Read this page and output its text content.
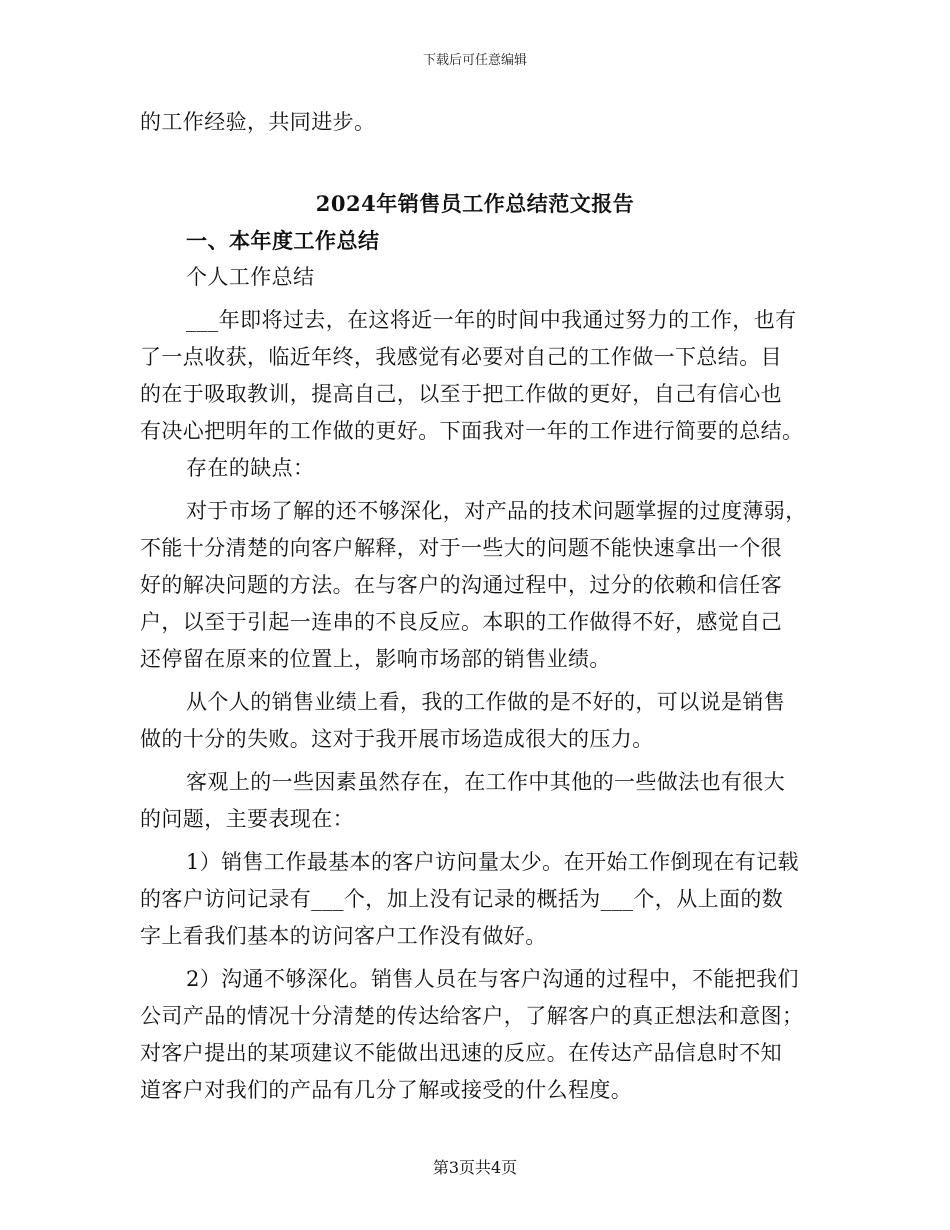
下载后可任意编辑
的工作经验，共同进步。
2024年销售员工作总结范文报告
一、本年度工作总结
个人工作总结
___年即将过去，在这将近一年的时间中我通过努力的工作，也有
了一点收获，临近年终，我感觉有必要对自己的工作做一下总结。目
的在于吸取教训，提高自己，以至于把工作做的更好，自己有信心也
有决心把明年的工作做的更好。下面我对一年的工作进行简要的总结。
存在的缺点：
对于市场了解的还不够深化，对产品的技术问题掌握的过度薄弱，
不能十分清楚的向客户解释，对于一些大的问题不能快速拿出一个很
好的解决问题的方法。在与客户的沟通过程中，过分的依赖和信任客
户，以至于引起一连串的不良反应。本职的工作做得不好，感觉自己
还停留在原来的位置上，影响市场部的销售业绩。
从个人的销售业绩上看，我的工作做的是不好的，可以说是销售
做的十分的失败。这对于我开展市场造成很大的压力。
客观上的一些因素虽然存在，在工作中其他的一些做法也有很大
的问题，主要表现在：
1）销售工作最基本的客户访问量太少。在开始工作倒现在有记载
的客户访问记录有___个，加上没有记录的概括为___个，从上面的数
字上看我们基本的访问客户工作没有做好。
2）沟通不够深化。销售人员在与客户沟通的过程中，不能把我们
公司产品的情况十分清楚的传达给客户，了解客户的真正想法和意图；
对客户提出的某项建议不能做出迅速的反应。在传达产品信息时不知
道客户对我们的产品有几分了解或接受的什么程度。
第3页共4页
